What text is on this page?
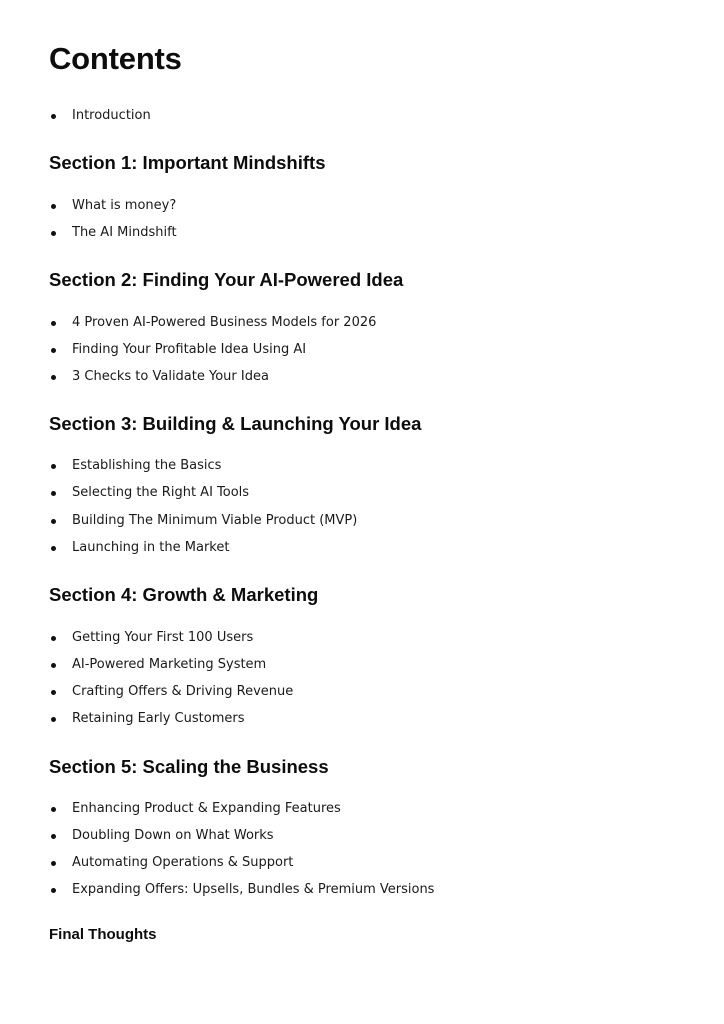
Contents
Introduction
Section 1: Important Mindshifts
What is money?
The AI Mindshift
Section 2: Finding Your AI-Powered Idea
4 Proven AI-Powered Business Models for 2026
Finding Your Profitable Idea Using AI
3 Checks to Validate Your Idea
Section 3: Building & Launching Your Idea
Establishing the Basics
Selecting the Right AI Tools
Building The Minimum Viable Product (MVP)
Launching in the Market
Section 4: Growth & Marketing
Getting Your First 100 Users
AI-Powered Marketing System
Crafting Offers & Driving Revenue
Retaining Early Customers
Section 5: Scaling the Business
Enhancing Product & Expanding Features
Doubling Down on What Works
Automating Operations & Support
Expanding Offers: Upsells, Bundles & Premium Versions
Final Thoughts
